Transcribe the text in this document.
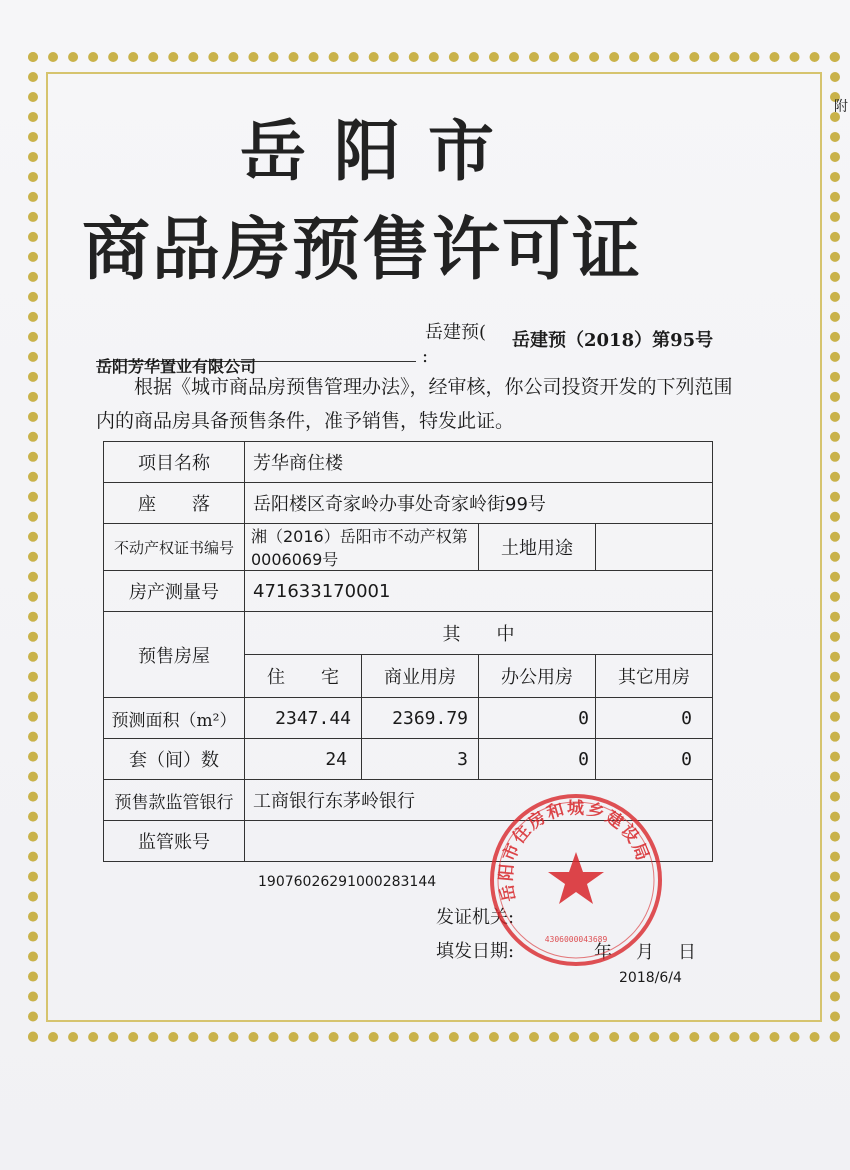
附
岳阳市
商品房预售许可证
岳建预( 岳建预（2018）第95号
岳阳芳华置业有限公司	:
根据《城市商品房预售管理办法》，经审核，你公司投资开发的下列范围内的商品房具备预售条件，准予销售，特发此证。
项目名称	芳华商住楼			
座　　落	岳阳楼区奇家岭办事处奇家岭街99号			
不动产权证书编号	湘（2016）岳阳市不动产权第0006069号		土地用途	
房产测量号	471633170001			
预售房屋	其　　中			
	住　　宅	商业用房	办公用房	其它用房
预测面积（m²）	2347.44	2369.79	0	0
套（间）数	24	3	0	0
预售款监管银行	工商银行东茅岭银行			
监管账号				
19076026291000283144
发证机关:
填发日期:	年　月　日
2018/6/4
岳阳市住房和城乡建设局
4306000043689
